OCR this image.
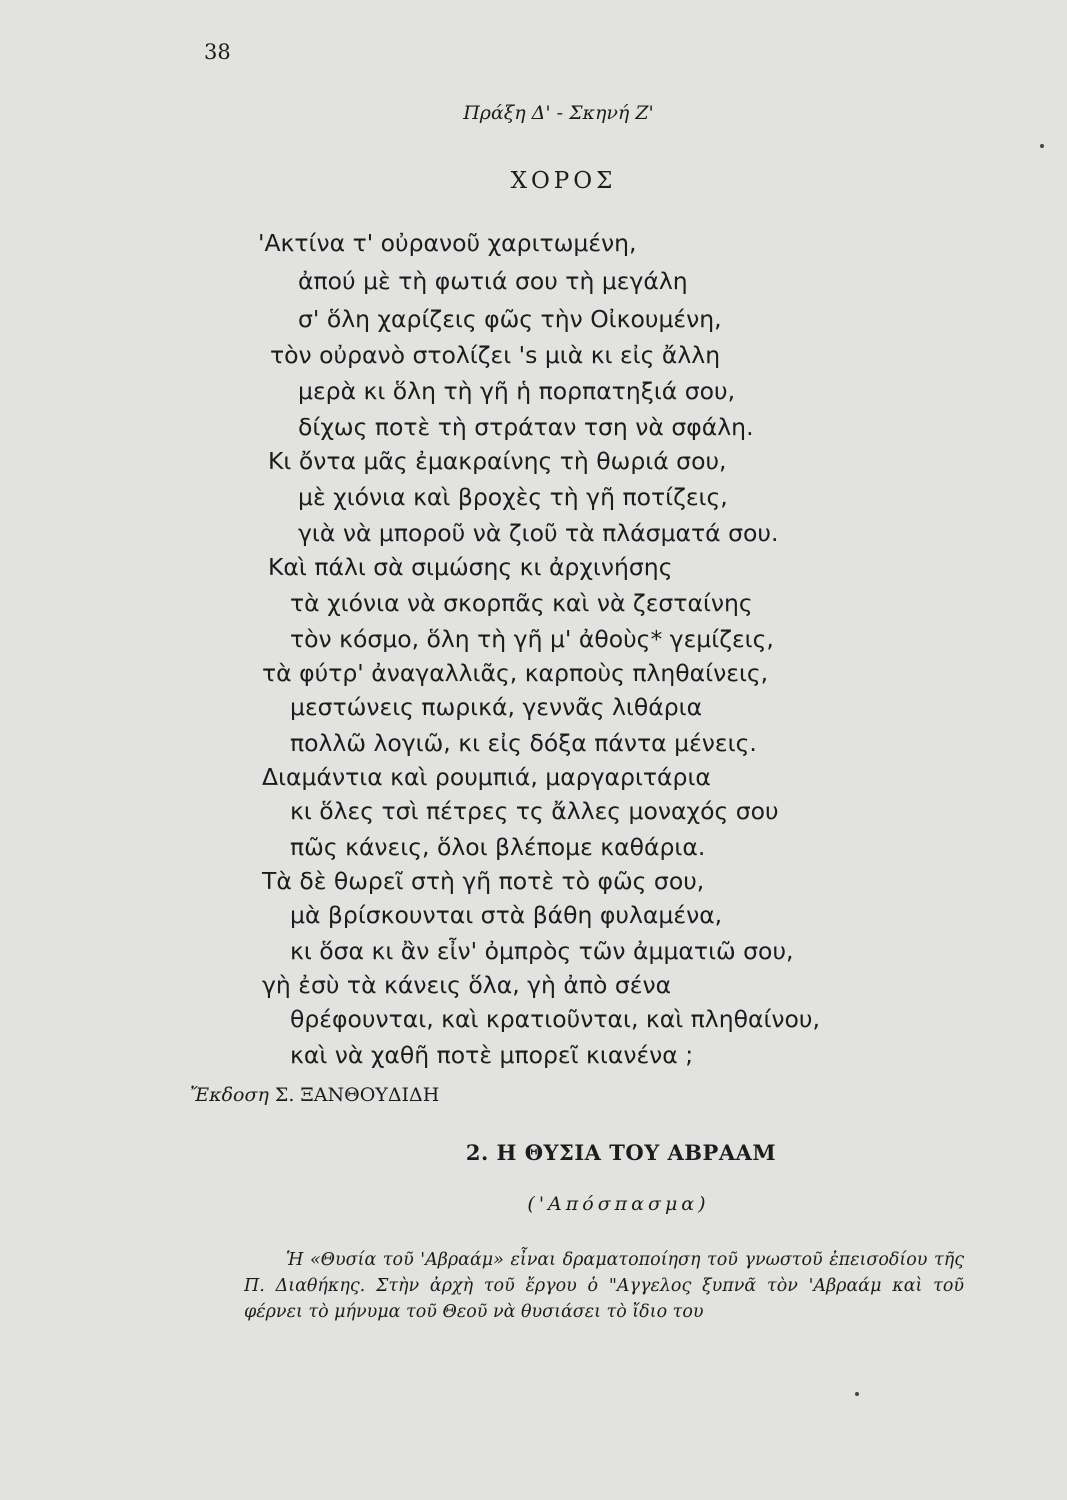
38
Πράξη Δ' - Σκηνή Ζ'
ΧΟΡΟΣ
'Ακτίνα τ' οὐρανοῦ χαριτωμένη,
ἀπού μὲ τὴ φωτιά σου τὴ μεγάλη
σ' ὅλη χαρίζεις φῶς τὴν Οἰκουμένη,
τὸν οὐρανὸ στολίζει 's μιὰ κι εἰς ἄλλη
μερὰ κι ὅλη τὴ γῆ ἡ πορπατηξιά σου,
δίχως ποτὲ τὴ στράταν τση νὰ σφάλη.
Κι ὄντα μᾶς ἐμακραίνης τὴ θωριά σου,
μὲ χιόνια καὶ βροχὲς τὴ γῆ ποτίζεις,
γιὰ νὰ μποροῦ νὰ ζιοῦ τὰ πλάσματά σου.
Καὶ πάλι σὰ σιμώσης κι ἀρχινήσης
τὰ χιόνια νὰ σκορπᾶς καὶ νὰ ζεσταίνης
τὸν κόσμο, ὅλη τὴ γῆ μ' ἀθοὺς* γεμίζεις,
τὰ φύτρ' ἀναγαλλιᾶς, καρποὺς πληθαίνεις,
μεστώνεις πωρικά, γεννᾶς λιθάρια
πολλῶ λογιῶ, κι εἰς δόξα πάντα μένεις.
Διαμάντια καὶ ρουμπιά, μαργαριτάρια
κι ὅλες τσὶ πέτρες τς ἄλλες μοναχός σου
πῶς κάνεις, ὅλοι βλέπομε καθάρια.
Τὰ δὲ θωρεῖ στὴ γῆ ποτὲ τὸ φῶς σου,
μὰ βρίσκουνται στὰ βάθη φυλαμένα,
κι ὅσα κι ἂν εἶν' ὀμπρὸς τῶν ἀμματιῶ σου,
γὴ ἐσὺ τὰ κάνεις ὅλα, γὴ ἀπὸ σένα
θρέφουνται, καὶ κρατιοῦνται, καὶ πληθαίνου,
καὶ νὰ χαθῆ ποτὲ μπορεῖ κιανένα ;
Ἔκδοση Σ. ΞΑΝΘΟΥΔΙΔΗ
2. Η ΘΥΣΙΑ ΤΟΥ ΑΒΡΑΑΜ
('Απόσπασμα)

Ἡ «Θυσία τοῦ 'Αβραάμ» εἶναι δραματοποίηση τοῦ γνωστοῦ ἐπεισοδίου τῆς Π. Διαθήκης. Στὴν ἀρχὴ τοῦ ἔργου ὁ "Αγγελος ξυπνᾶ τὸν 'Αβραάμ καὶ τοῦ φέρνει τὸ μήνυμα τοῦ Θεοῦ νὰ θυσιάσει τὸ ἴδιο του
